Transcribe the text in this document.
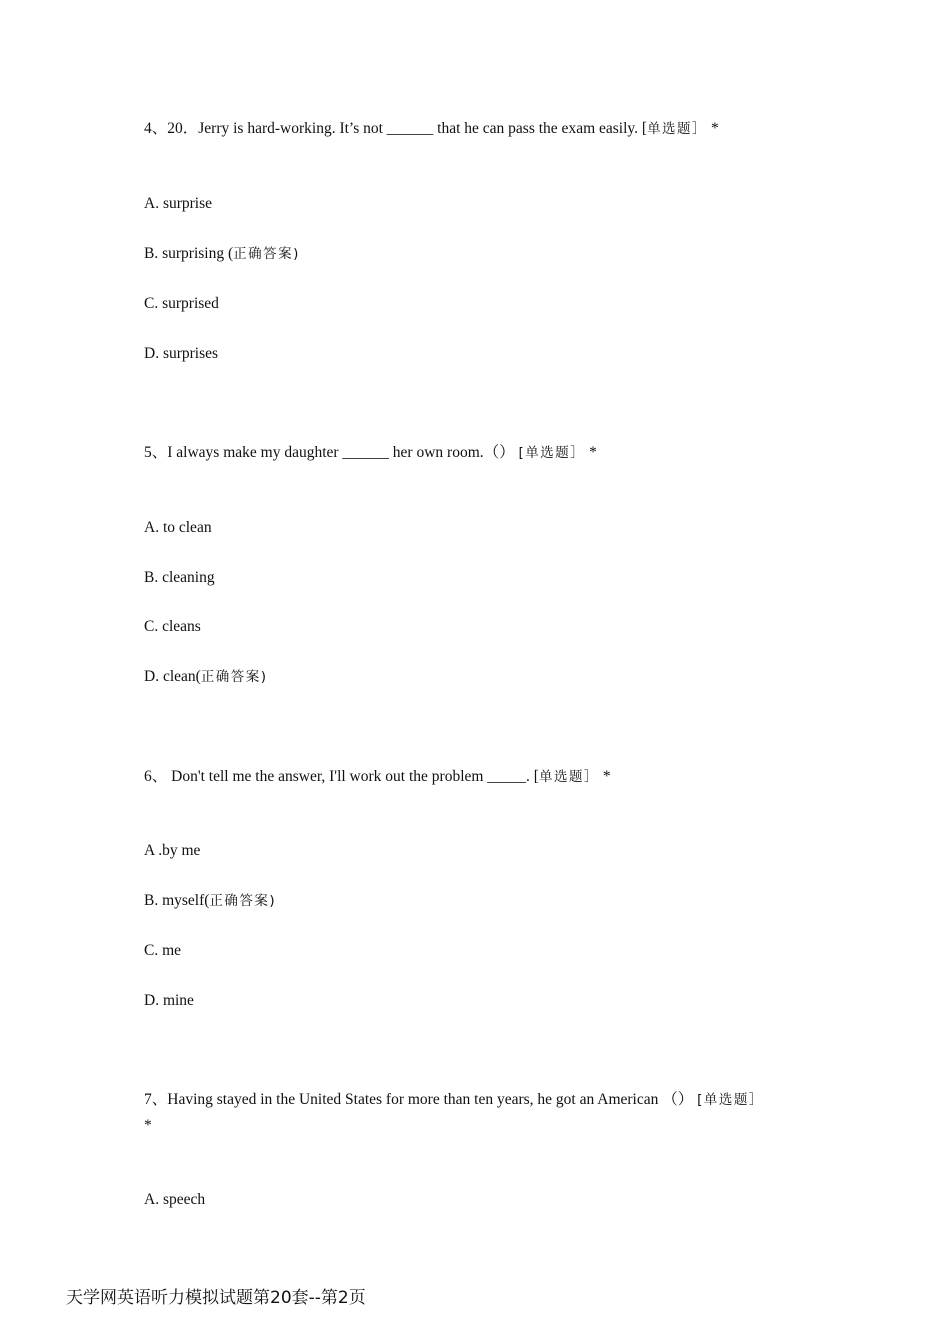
4、20．Jerry is hard-working. It’s not ______ that he can pass the exam easily. [单选题］ *
A. surprise
B. surprising (正确答案)
C. surprised
D. surprises
5、I always make my daughter ______ her own room.（） [单选题］ *
A. to clean
B. cleaning
C. cleans
D. clean(正确答案)
6、 Don't tell me the answer, I'll work out the problem _____. [单选题］ *
A .by me
B. myself(正确答案)
C. me
D. mine
7、Having stayed in the United States for more than ten years, he got an American （） [单选题］
*
A. speech
天学网英语听力模拟试题第20套--第2页
